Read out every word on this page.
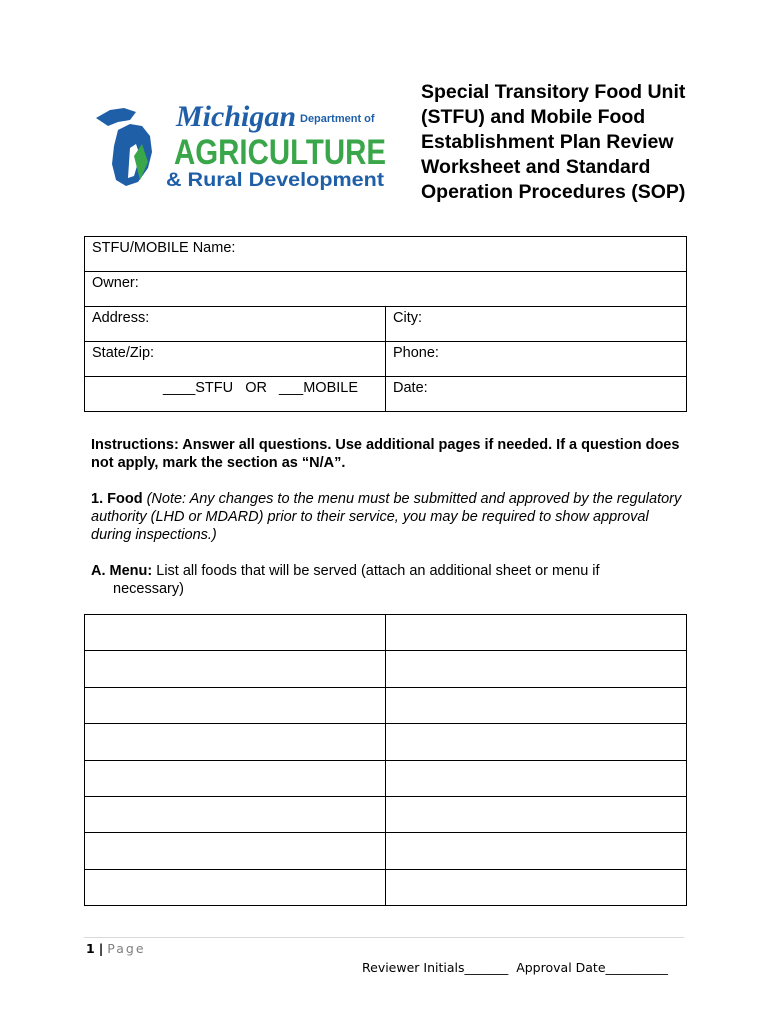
Michigan Department of
AGRICULTURE
& Rural Development
Special Transitory Food Unit
(STFU) and Mobile Food
Establishment Plan Review
Worksheet and Standard
Operation Procedures (SOP)
STFU/MOBILE Name:	
Owner:	
Address:	City:
State/Zip:	Phone:
____STFU   OR   ___MOBILE	Date:
Instructions: Answer all questions. Use additional pages if needed. If a question does not apply, mark the section as “N/A”.
1. Food (Note: Any changes to the menu must be submitted and approved by the regulatory authority (LHD or MDARD) prior to their service, you may be required to show approval during inspections.)
A. Menu: List all foods that will be served (attach an additional sheet or menu if
necessary)

1 | Page
Reviewer Initials_______  Approval Date__________
